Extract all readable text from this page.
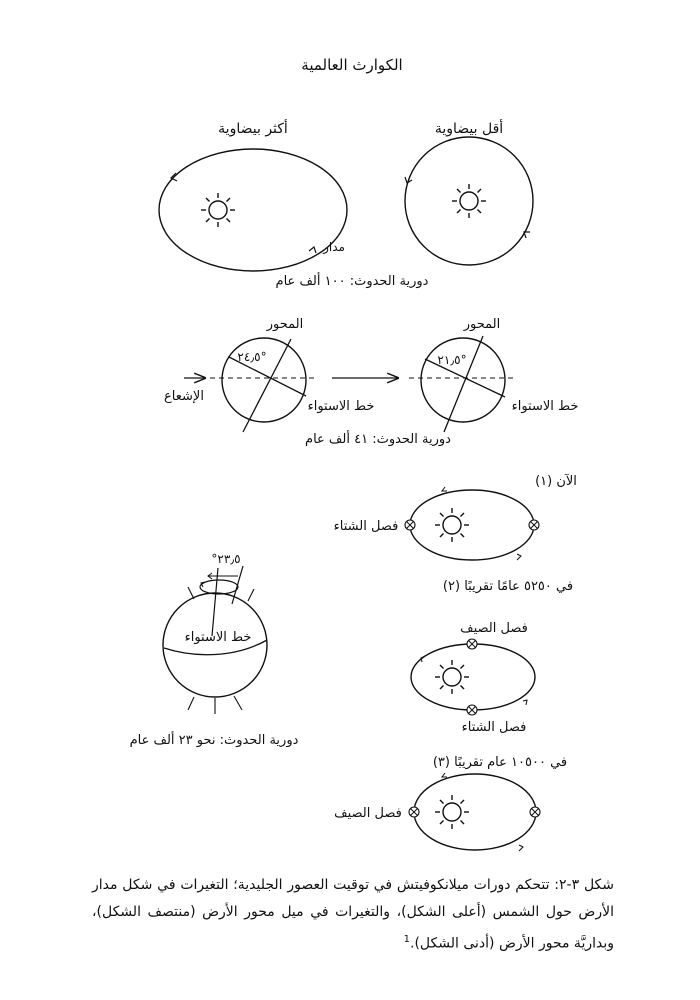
الكوارث العالمية
أكثر بيضاوية	أقل بيضاوية
مدار
دورية الحدوث: ١٠٠ ألف عام
المحور	المحور
الإشعاع
٢٤٫٥°
خط الاستواء
٢١٫٥°
خط الاستواء
دورية الحدوث: ٤١ ألف عام
°٢٣٫٥
خط الاستواء
دورية الحدوث: نحو ٢٣ ألف عام
(١) الآن
فصل الشتاء
(٢) في ٥٢٥٠ عامًا تقريبًا
فصل الصيف
فصل الشتاء
(٣) في ١٠٥٠٠ عام تقريبًا
فصل الصيف
شكل ٣-٢: تتحكم دورات ميلانكوفيتش في توقيت العصور الجليدية؛ التغيرات في شكل مدار الأرض حول الشمس (أعلى الشكل)، والتغيرات في ميل محور الأرض (منتصف الشكل)، وبداريَّة محور الأرض (أدنى الشكل).$^1$
